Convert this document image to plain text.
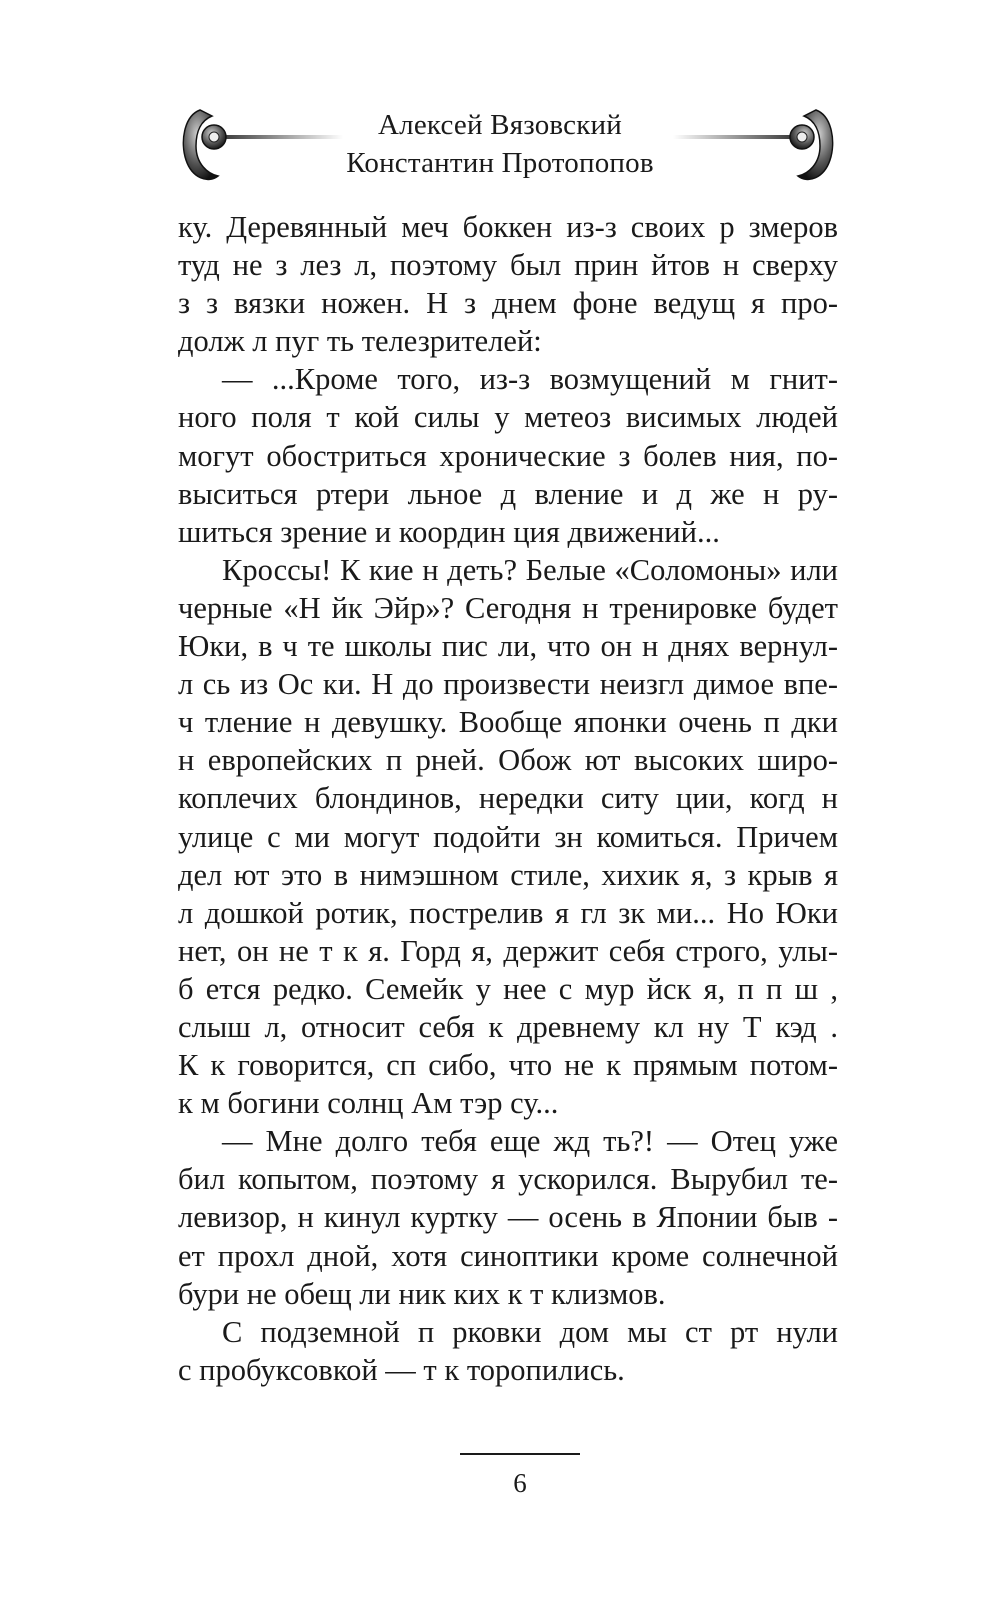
Алексей Вязовский
Константин Протопопов
ку. Деревянный меч боккен из-з своих р змеров
туд не з лез л, поэтому был прин йтов н сверху
з з вязки ножен. Н з днем фоне ведущ я про-
долж л пуг ть телезрителей:
— ...Кроме того, из-з возмущений м гнит-
ного поля т кой силы у метеоз висимых людей
могут обостриться хронические з болев ния, по-
выситься ртери льное д вление и д же н ру-
шиться зрение и координ ция движений...
Кроссы! К кие н деть? Белые «Соломоны» или
черные «Н йк Эйр»? Сегодня н тренировке будет
Юки, в ч те школы пис ли, что он н днях вернул-
л сь из Ос ки. Н до произвести неизгл димое впе-
ч тление н девушку. Вообще японки очень п дки
н европейских п рней. Обож ют высоких широ-
коплечих блондинов, нередки ситу ции, когд н
улице с ми могут подойти зн комиться. Причем
дел ют это в нимэшном стиле, хихик я, з крыв я
л дошкой ротик, пострелив я гл зк ми... Но Юки
нет, он не т к я. Горд я, держит себя строго, улы-
б ется редко. Семейк у нее с мур йск я, п п ш ,
слыш л, относит себя к древнему кл ну Т кэд .
К к говорится, сп сибо, что не к прямым потом-
к м богини солнц Ам тэр су...
— Мне долго тебя еще жд ть?! — Отец уже
бил копытом, поэтому я ускорился. Вырубил те-
левизор, н кинул куртку — осень в Японии быв -
ет прохл дной, хотя синоптики кроме солнечной
бури не обещ ли ник ких к т клизмов.
С подземной п рковки дом мы ст рт нули
с пробуксовкой — т к торопились.
6
